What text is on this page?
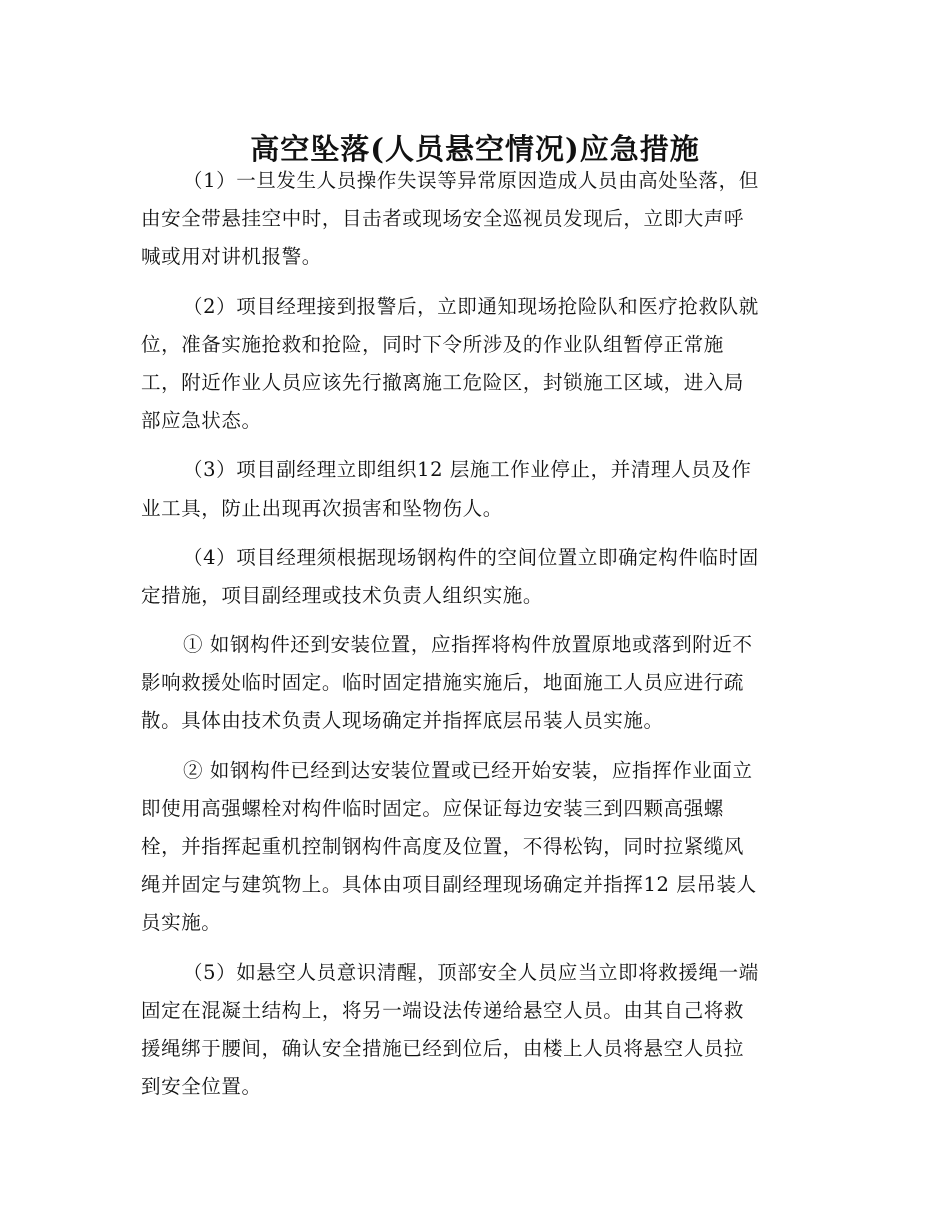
高空坠落(人员悬空情况)应急措施
（1）一旦发生人员操作失误等异常原因造成人员由高处坠落，但
由安全带悬挂空中时，目击者或现场安全巡视员发现后，立即大声呼
喊或用对讲机报警。
（2）项目经理接到报警后，立即通知现场抢险队和医疗抢救队就
位，准备实施抢救和抢险，同时下令所涉及的作业队组暂停正常施
工，附近作业人员应该先行撤离施工危险区，封锁施工区域，进入局
部应急状态。
（3）项目副经理立即组织12 层施工作业停止，并清理人员及作
业工具，防止出现再次损害和坠物伤人。
（4）项目经理须根据现场钢构件的空间位置立即确定构件临时固
定措施，项目副经理或技术负责人组织实施。
① 如钢构件还到安装位置，应指挥将构件放置原地或落到附近不
影响救援处临时固定。临时固定措施实施后，地面施工人员应进行疏
散。具体由技术负责人现场确定并指挥底层吊装人员实施。
② 如钢构件已经到达安装位置或已经开始安装，应指挥作业面立
即使用高强螺栓对构件临时固定。应保证每边安装三到四颗高强螺
栓，并指挥起重机控制钢构件高度及位置，不得松钩，同时拉紧缆风
绳并固定与建筑物上。具体由项目副经理现场确定并指挥12 层吊装人
员实施。
（5）如悬空人员意识清醒，顶部安全人员应当立即将救援绳一端
固定在混凝土结构上，将另一端设法传递给悬空人员。由其自己将救
援绳绑于腰间，确认安全措施已经到位后，由楼上人员将悬空人员拉
到安全位置。
